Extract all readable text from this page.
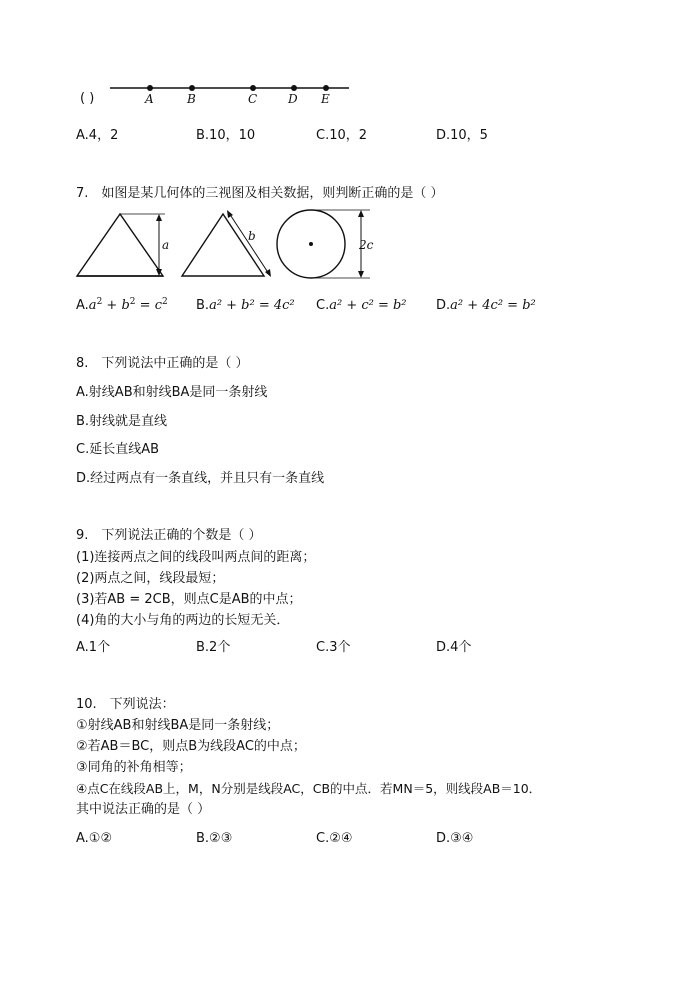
( )	A	B	C	D E
A.4，2	B.10，10	C.10，2	D.10，5
7.　如图是某几何体的三视图及相关数据，则判断正确的是（ ）
a
b
2c
$A.a^2 + b^2 = c^2$ B.a² + b² = 4c² C.a² + c² = b² D.a² + 4c² = b²
8.　下列说法中正确的是（ ）
A.射线AB和射线BA是同一条射线
B.射线就是直线
C.延长直线AB
D.经过两点有一条直线，并且只有一条直线
9.　下列说法正确的个数是（ ）
(1)连接两点之间的线段叫两点间的距离；
(2)两点之间，线段最短；
(3)若AB = 2CB，则点C是AB的中点；
(4)角的大小与角的两边的长短无关．
A.1个	B.2个	C.3个	D.4个
10.　下列说法：
①射线AB和射线BA是同一条射线；
②若AB＝BC，则点B为线段AC的中点；
③同角的补角相等；
④点C在线段AB上，M，N分别是线段AC，CB的中点．若MN＝5，则线段AB＝10．
其中说法正确的是（ ）
A.①②	B.②③	C.②④	D.③④
